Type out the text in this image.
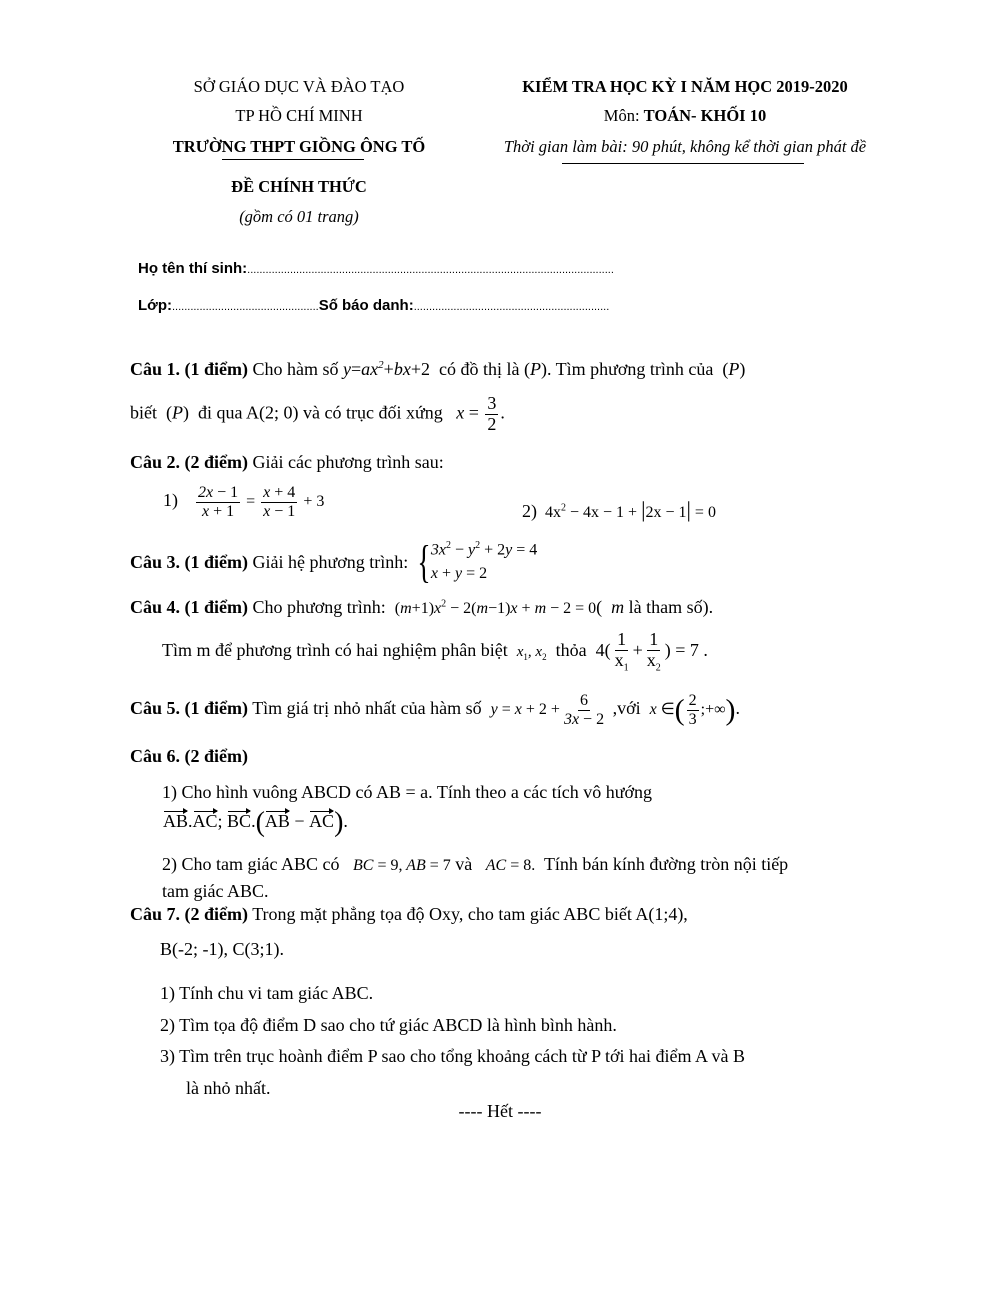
SỞ GIÁO DỤC VÀ ĐÀO TẠO
TP HỒ CHÍ MINH
TRƯỜNG THPT GIỒNG ÔNG TỐ
ĐỀ CHÍNH THỨC
(gồm có 01 trang)
KIỂM TRA HỌC KỲ I NĂM HỌC 2019-2020
Môn: TOÁN- KHỐI 10
Thời gian làm bài: 90 phút, không kể thời gian phát đề
Họ tên thí sinh:........................................................................................................................
Lớp:................................................Số báo danh:................................................................
Câu 1. (1 điểm) Cho hàm số $y=ax^2+bx+2$ có đồ thị là (P). Tìm phương trình của (P)
biết (P) đi qua A(2; 0) và có trục đối xứng $x = \frac{3}{2}$ .
Câu 2. (2 điểm) Giải các phương trình sau:
$1) \frac{2x - 1}{x + 1} = \frac{x + 4}{x - 1} + 3$	2)  $4x^2 - 4x - 1 + |2x - 1| = 0$
Câu 3. (1 điểm) Giải hệ phương trình: { $3x^2 - y^2 + 2y = 4$
x + y = 2
Câu 4. (1 điểm) Cho phương trình: $(m+1)x^2 - 2(m-1)x + m - 2 = 0$( m là tham số).
Tìm m để phương trình có hai nghiệm phân biệt $x_1$, $x_2$ thỏa $4( \frac{1}{x_1} + \frac{1}{x_2}$ ) = 7 .
Câu 5. (1 điểm) Tìm giá trị nhỏ nhất của hàm số $y = x + 2 + \frac{6}{3x - 2}$ ,với x ∈( $\frac{2}{3}$ ;+∞).
Câu 6. (2 điểm)
1) Cho hình vuông ABCD có AB = a. Tính theo a các tích vô hướng
AB.AC; BC.(AB − AC).
2) Cho tam giác ABC có BC = 9, AB = 7 và AC = 8. Tính bán kính đường tròn nội tiếp
tam giác ABC.
Câu 7. (2 điểm) Trong mặt phẳng tọa độ Oxy, cho tam giác ABC biết A(1;4),
B(-2; -1), C(3;1).
1) Tính chu vi tam giác ABC.
2) Tìm tọa độ điểm D sao cho tứ giác ABCD là hình bình hành.
3) Tìm trên trục hoành điểm P sao cho tổng khoảng cách từ P tới hai điểm A và B
là nhỏ nhất.
---- Hết ----
